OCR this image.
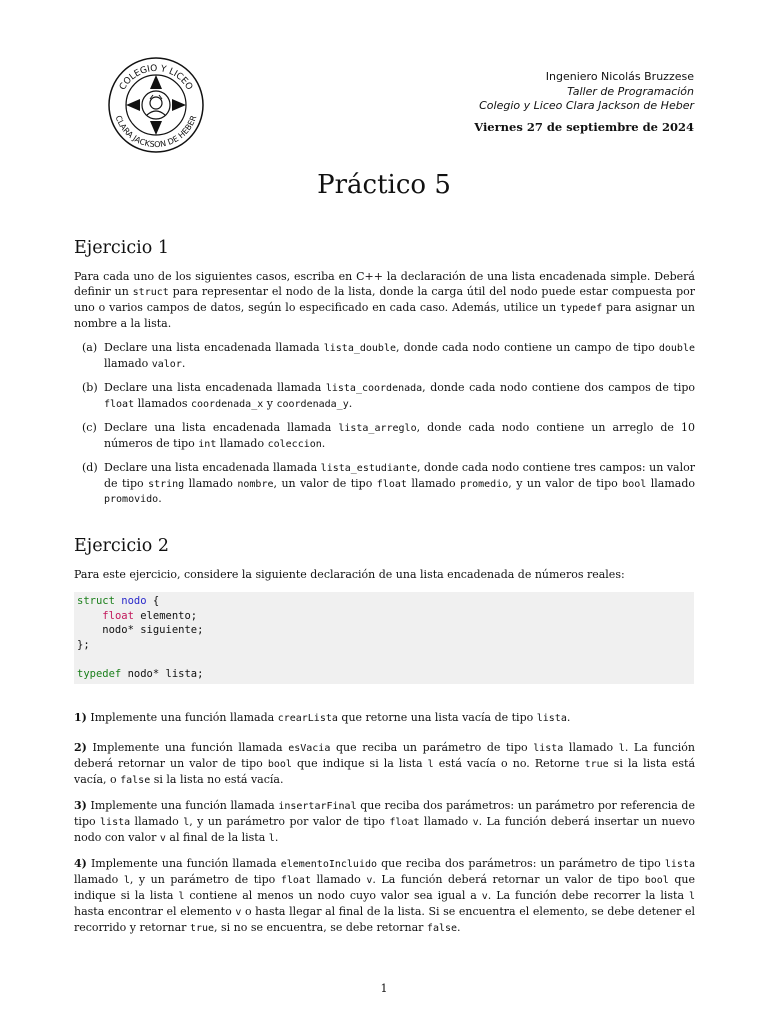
COLEGIO Y LICEO
CLARA JACKSON DE HEBER
Ingeniero Nicolás Bruzzese
Taller de Programación
Colegio y Liceo Clara Jackson de Heber
Viernes 27 de septiembre de 2024
Práctico 5
Ejercicio 1
Para cada uno de los siguientes casos, escriba en C++ la declaración de una lista encadenada simple. Deberá definir un struct para representar el nodo de la lista, donde la carga útil del nodo puede estar compuesta por uno o varios campos de datos, según lo especificado en cada caso. Además, utilice un typedef para asignar un nombre a la lista.
(a) Declare una lista encadenada llamada lista_double, donde cada nodo contiene un campo de tipo double llamado valor.
(b) Declare una lista encadenada llamada lista_coordenada, donde cada nodo contiene dos campos de tipo float llamados coordenada_x y coordenada_y.
(c) Declare una lista encadenada llamada lista_arreglo, donde cada nodo contiene un arreglo de 10 números de tipo int llamado coleccion.
(d) Declare una lista encadenada llamada lista_estudiante, donde cada nodo contiene tres campos: un valor de tipo string llamado nombre, un valor de tipo float llamado promedio, y un valor de tipo bool llamado promovido.
Ejercicio 2
Para este ejercicio, considere la siguiente declaración de una lista encadenada de números reales:
struct nodo {
float elemento;
nodo* siguiente;
};
typedef nodo* lista;
1) Implemente una función llamada crearLista que retorne una lista vacía de tipo lista.
2) Implemente una función llamada esVacia que reciba un parámetro de tipo lista llamado l. La función deberá retornar un valor de tipo bool que indique si la lista l está vacía o no. Retorne true si la lista está vacía, o false si la lista no está vacía.
3) Implemente una función llamada insertarFinal que reciba dos parámetros: un parámetro por referencia de tipo lista llamado l, y un parámetro por valor de tipo float llamado v. La función deberá insertar un nuevo nodo con valor v al final de la lista l.
4) Implemente una función llamada elementoIncluido que reciba dos parámetros: un parámetro de tipo lista llamado l, y un parámetro de tipo float llamado v. La función deberá retornar un valor de tipo bool que indique si la lista l contiene al menos un nodo cuyo valor sea igual a v. La función debe recorrer la lista l hasta encontrar el elemento v o hasta llegar al final de la lista. Si se encuentra el elemento, se debe detener el recorrido y retornar true, si no se encuentra, se debe retornar false.
1
